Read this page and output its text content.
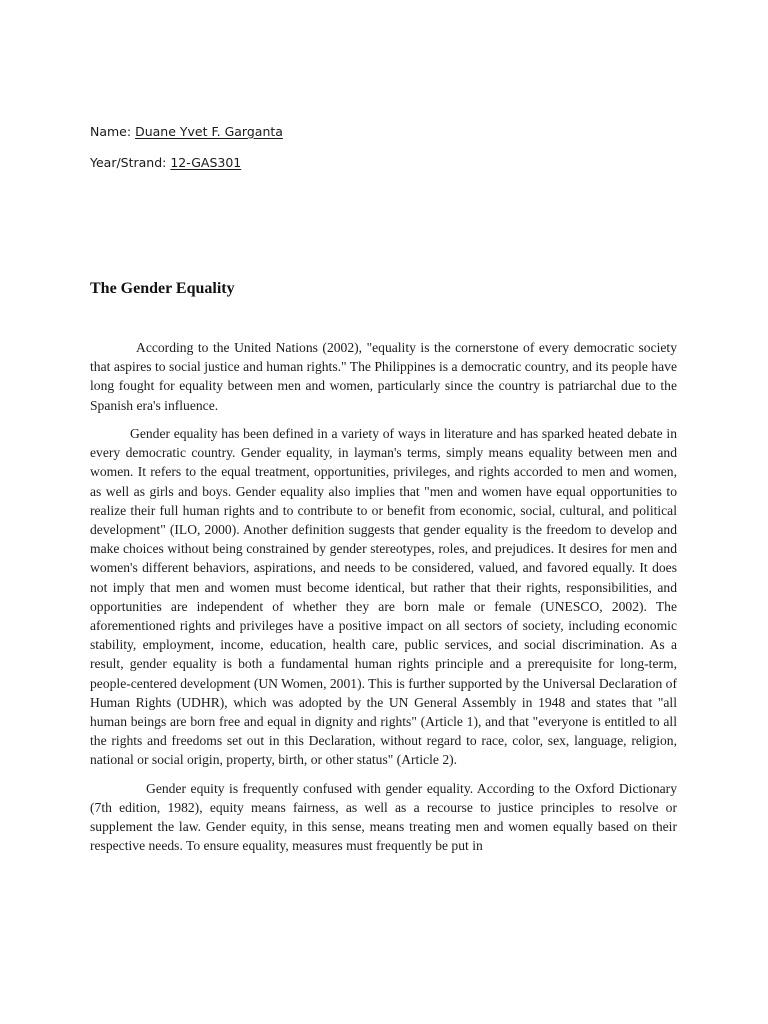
Name: Duane Yvet F. Garganta
Year/Strand: 12-GAS301
The Gender Equality

According to the United Nations (2002), "equality is the cornerstone of every democratic society that aspires to social justice and human rights." The Philippines is a democratic country, and its people have long fought for equality between men and women, particularly since the country is patriarchal due to the Spanish era's influence.

Gender equality has been defined in a variety of ways in literature and has sparked heated debate in every democratic country. Gender equality, in layman's terms, simply means equality between men and women. It refers to the equal treatment, opportunities, privileges, and rights accorded to men and women, as well as girls and boys. Gender equality also implies that "men and women have equal opportunities to realize their full human rights and to contribute to or benefit from economic, social, cultural, and political development" (ILO, 2000). Another definition suggests that gender equality is the freedom to develop and make choices without being constrained by gender stereotypes, roles, and prejudices. It desires for men and women's different behaviors, aspirations, and needs to be considered, valued, and favored equally. It does not imply that men and women must become identical, but rather that their rights, responsibilities, and opportunities are independent of whether they are born male or female (UNESCO, 2002). The aforementioned rights and privileges have a positive impact on all sectors of society, including economic stability, employment, income, education, health care, public services, and social discrimination. As a result, gender equality is both a fundamental human rights principle and a prerequisite for long-term, people-centered development (UN Women, 2001). This is further supported by the Universal Declaration of Human Rights (UDHR), which was adopted by the UN General Assembly in 1948 and states that "all human beings are born free and equal in dignity and rights" (Article 1), and that "everyone is entitled to all the rights and freedoms set out in this Declaration, without regard to race, color, sex, language, religion, national or social origin, property, birth, or other status" (Article 2).

Gender equity is frequently confused with gender equality. According to the Oxford Dictionary (7th edition, 1982), equity means fairness, as well as a recourse to justice principles to resolve or supplement the law. Gender equity, in this sense, means treating men and women equally based on their respective needs. To ensure equality, measures must frequently be put in
